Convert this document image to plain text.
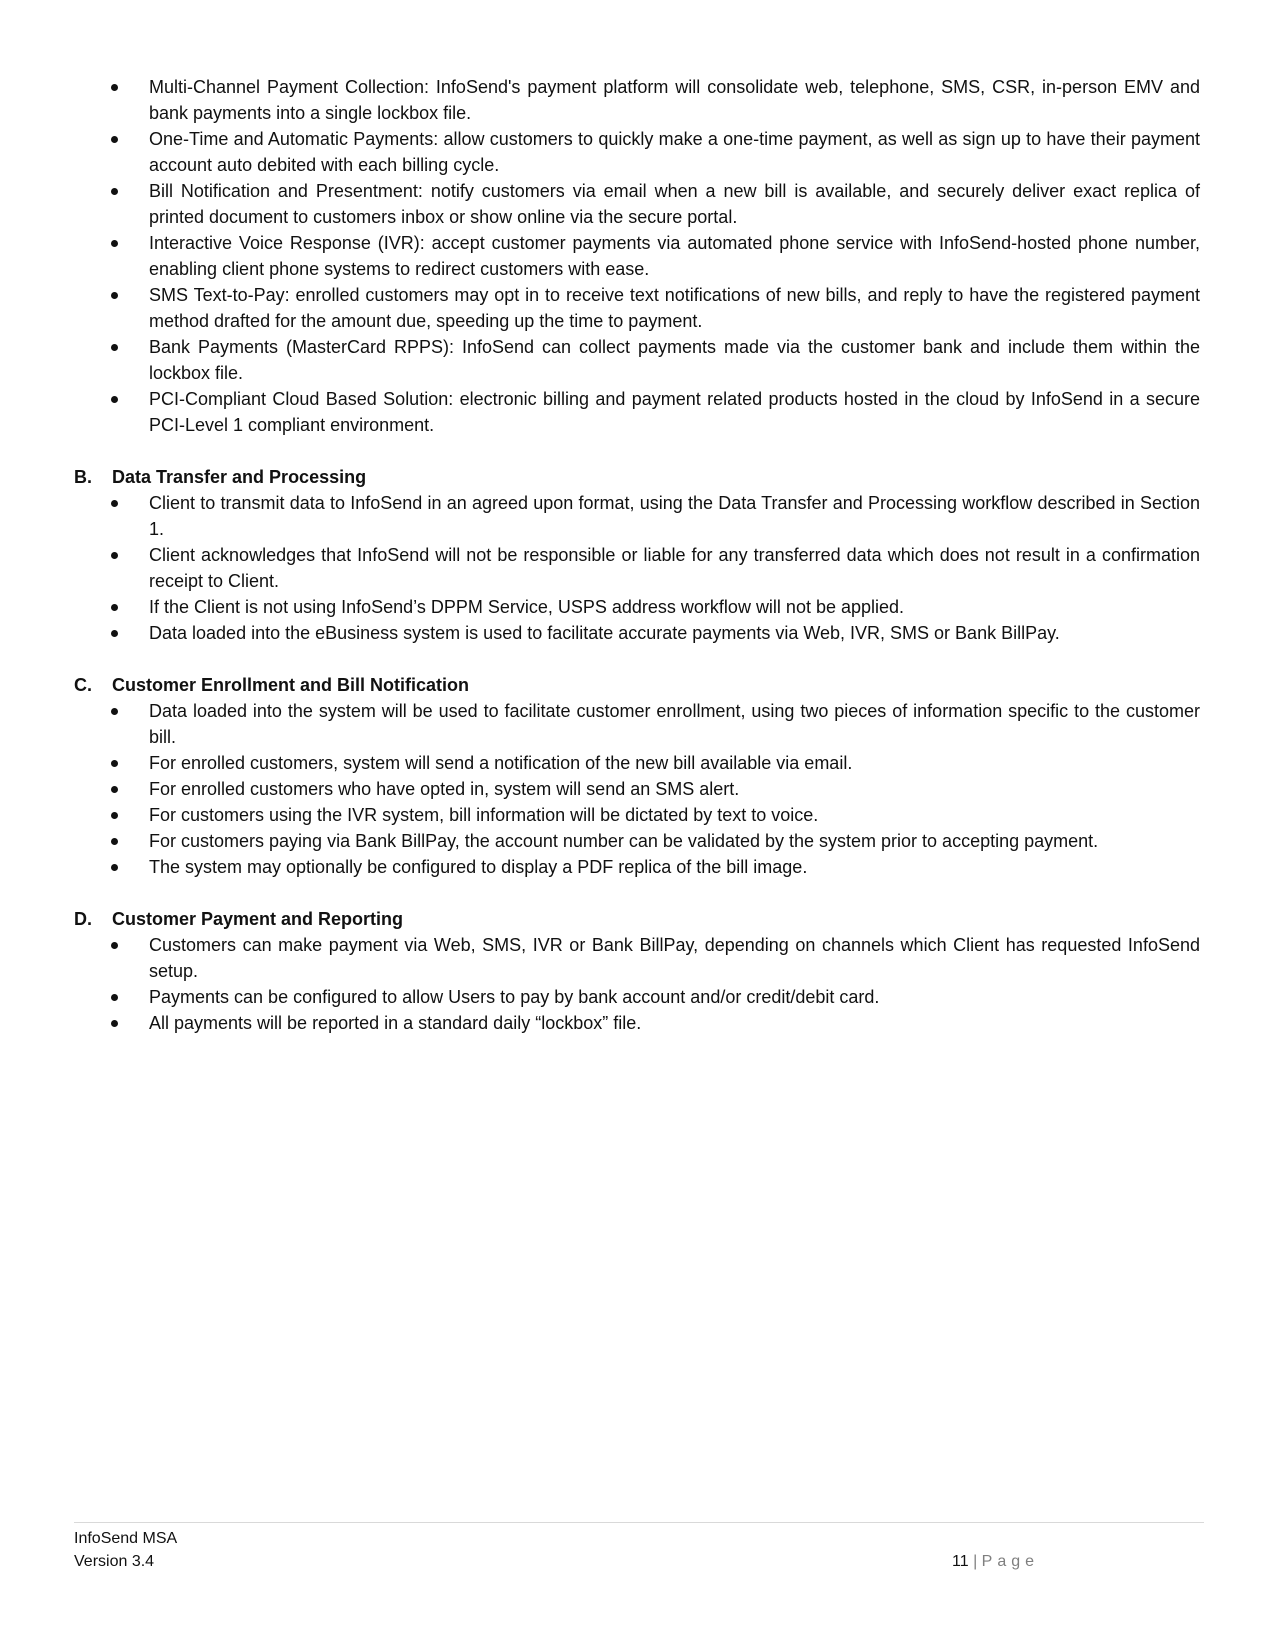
Multi-Channel Payment Collection: InfoSend's payment platform will consolidate web, telephone, SMS, CSR, in-person EMV and bank payments into a single lockbox file.
One-Time and Automatic Payments: allow customers to quickly make a one-time payment, as well as sign up to have their payment account auto debited with each billing cycle.
Bill Notification and Presentment: notify customers via email when a new bill is available, and securely deliver exact replica of printed document to customers inbox or show online via the secure portal.
Interactive Voice Response (IVR): accept customer payments via automated phone service with InfoSend-hosted phone number, enabling client phone systems to redirect customers with ease.
SMS Text-to-Pay: enrolled customers may opt in to receive text notifications of new bills, and reply to have the registered payment method drafted for the amount due, speeding up the time to payment.
Bank Payments (MasterCard RPPS): InfoSend can collect payments made via the customer bank and include them within the lockbox file.
PCI-Compliant Cloud Based Solution: electronic billing and payment related products hosted in the cloud by InfoSend in a secure PCI-Level 1 compliant environment.
B.	Data Transfer and Processing
Client to transmit data to InfoSend in an agreed upon format, using the Data Transfer and Processing workflow described in Section 1.
Client acknowledges that InfoSend will not be responsible or liable for any transferred data which does not result in a confirmation receipt to Client.
If the Client is not using InfoSend’s DPPM Service, USPS address workflow will not be applied.
Data loaded into the eBusiness system is used to facilitate accurate payments via Web, IVR, SMS or Bank BillPay.
C.	Customer Enrollment and Bill Notification
Data loaded into the system will be used to facilitate customer enrollment, using two pieces of information specific to the customer bill.
For enrolled customers, system will send a notification of the new bill available via email.
For enrolled customers who have opted in, system will send an SMS alert.
For customers using the IVR system, bill information will be dictated by text to voice.
For customers paying via Bank BillPay, the account number can be validated by the system prior to accepting payment.
The system may optionally be configured to display a PDF replica of the bill image.
D.	Customer Payment and Reporting
Customers can make payment via Web, SMS, IVR or Bank BillPay, depending on channels which Client has requested InfoSend setup.
Payments can be configured to allow Users to pay by bank account and/or credit/debit card.
All payments will be reported in a standard daily “lockbox” file.
InfoSend MSA
Version 3.4	11 | Page
